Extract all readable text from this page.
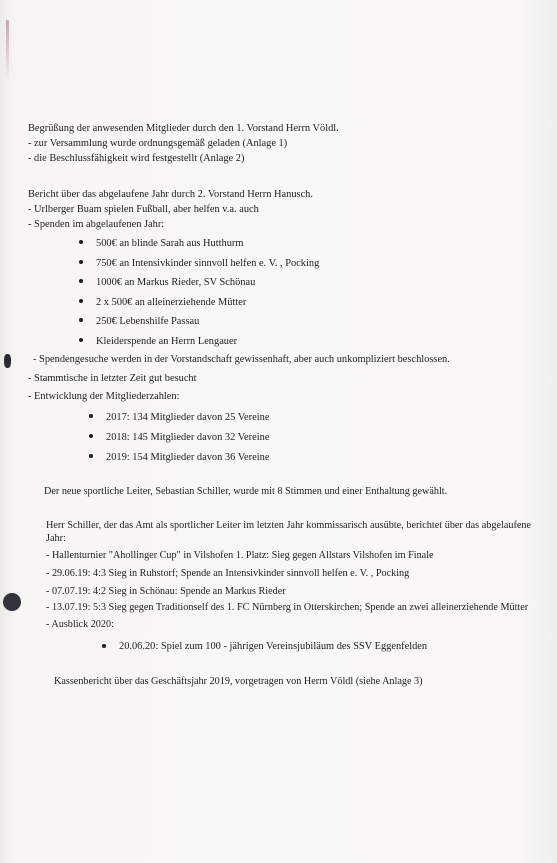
Begrüßung der anwesenden Mitglieder durch den 1. Vorstand Herrn Völdl.

- zur Versammlung wurde ordnungsgemäß geladen (Anlage 1)

- die Beschlussfähigkeit wird festgestellt (Anlage 2)

Bericht über das abgelaufene Jahr durch 2. Vorstand Herrn Hanusch.

- Urlberger Buam spielen Fußball, aber helfen v.a. auch

- Spenden im abgelaufenen Jahr:

500€ an blinde Sarah aus Hutthurm
750€ an Intensivkinder sinnvoll helfen e. V. , Pocking
1000€ an Markus Rieder, SV Schönau
2 x 500€ an alleinerziehende Mütter
250€ Lebenshilfe Passau
Kleiderspende an Herrn Lengauer

- Spendengesuche werden in der Vorstandschaft gewissenhaft, aber auch unkompliziert beschlossen.

- Stammtische in letzter Zeit gut besucht

- Entwicklung der Mitgliederzahlen:

2017: 134 Mitglieder davon 25 Vereine
2018: 145 Mitglieder davon 32 Vereine
2019: 154 Mitglieder davon 36 Vereine

Der neue sportliche Leiter, Sebastian Schiller, wurde mit 8 Stimmen und einer Enthaltung gewählt.

Herr Schiller, der das Amt als sportlicher Leiter im letzten Jahr kommissarisch ausübte, berichtet über das abgelaufene Jahr:

- Hallenturnier "Ahollinger Cup" in Vilshofen 1. Platz: Sieg gegen Allstars Vilshofen im Finale

- 29.06.19: 4:3 Sieg in Ruhstorf; Spende an Intensivkinder sinnvoll helfen e. V. , Pocking

- 07.07.19: 4:2 Sieg in Schönau: Spende an Markus Rieder

- 13.07.19: 5:3 Sieg gegen Traditionself des 1. FC Nürnberg in Otterskirchen; Spende an zwei alleinerziehende Mütter

- Ausblick 2020:

20.06.20: Spiel zum 100 - jährigen Vereinsjubiläum des SSV Eggenfelden

Kassenbericht über das Geschäftsjahr 2019, vorgetragen von Herrn Völdl (siehe Anlage 3)
